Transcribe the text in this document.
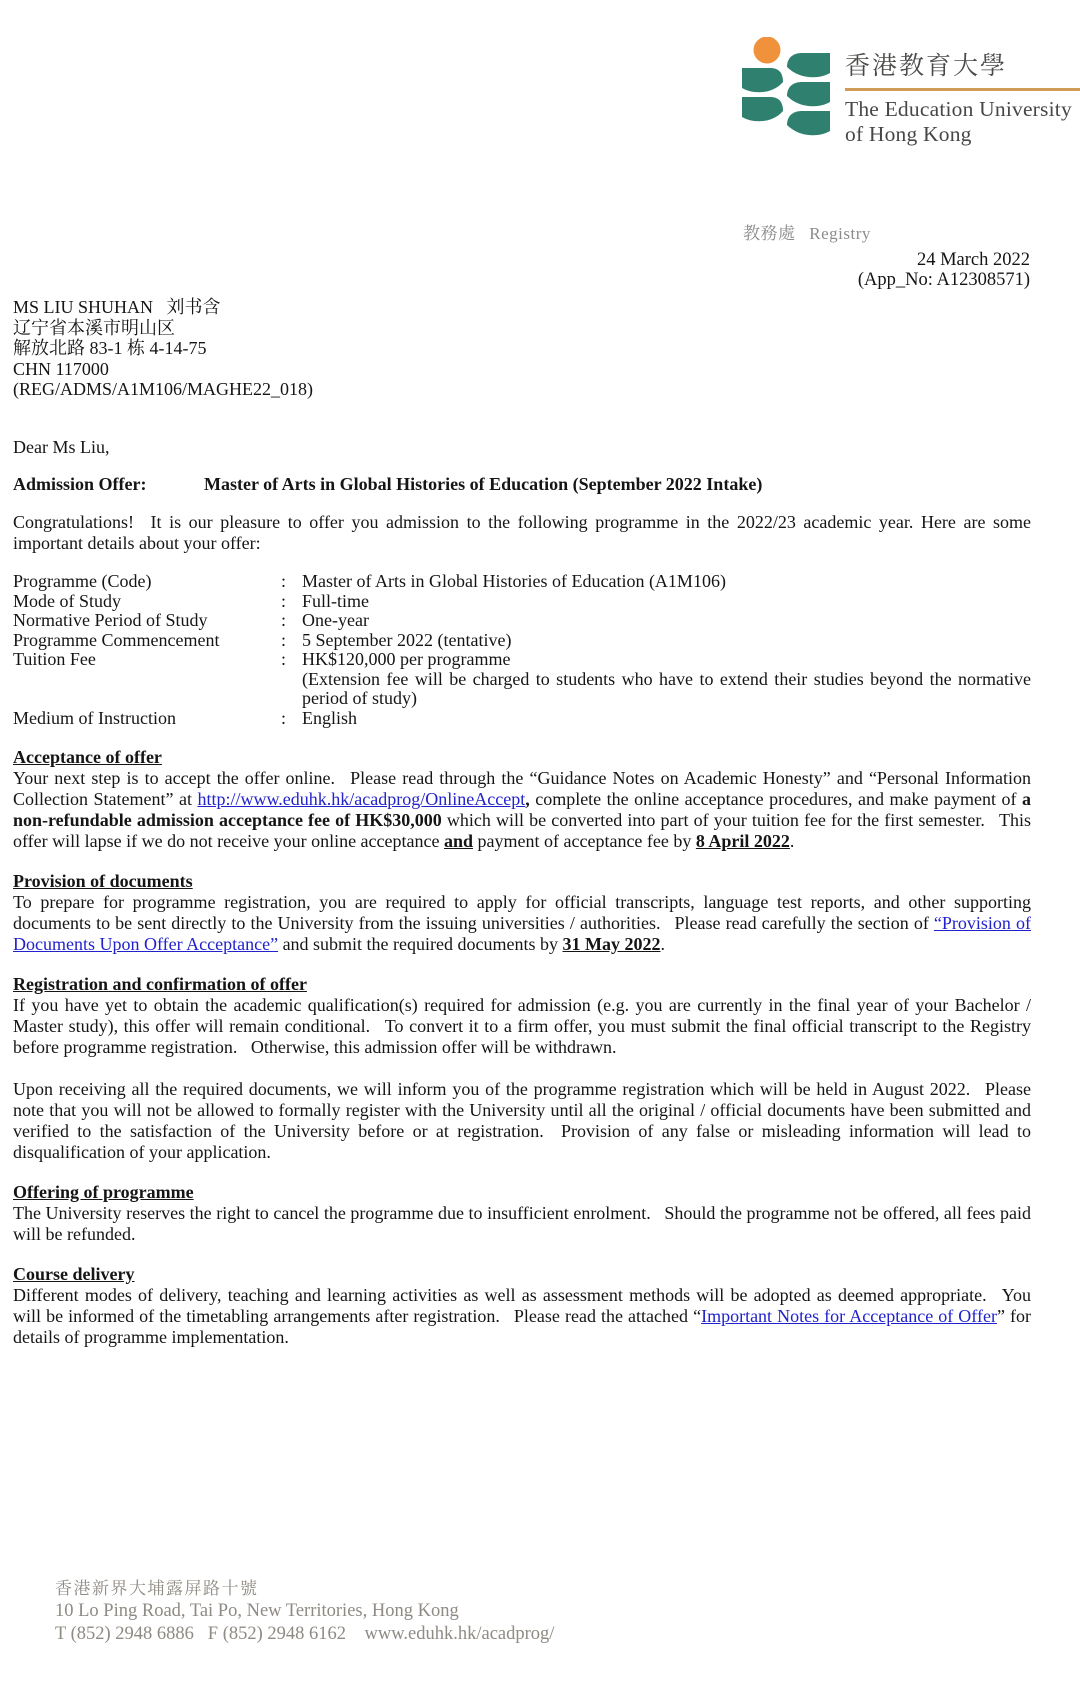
香港教育大學
The Education University
of Hong Kong
教務處  Registry
24 March 2022
(App_No: A12308571)
MS LIU SHUHAN  刘书含
辽宁省本溪市明山区
解放北路 83-1 栋 4-14-75
CHN 117000
(REG/ADMS/A1M106/MAGHE22_018)

Dear Ms Liu,

Admission Offer:	Master of Arts in Global Histories of Education (September 2022 Intake)

Congratulations!  It is our pleasure to offer you admission to the following programme in the 2022/23 academic year. Here are some important details about your offer:

Programme (Code)	: Master of Arts in Global Histories of Education (A1M106)
Mode of Study	: Full-time
Normative Period of Study	: One-year
Programme Commencement	: 5 September 2022 (tentative)
Tuition Fee	: HK$120,000 per programme
(Extension fee will be charged to students who have to extend their studies beyond the normative period of study)
Medium of Instruction	: English
Acceptance of offer

Your next step is to accept the offer online.  Please read through the “Guidance Notes on Academic Honesty” and “Personal Information Collection Statement” at http://www.eduhk.hk/acadprog/OnlineAccept, complete the online acceptance procedures, and make payment of a non-refundable admission acceptance fee of HK$30,000 which will be converted into part of your tuition fee for the first semester.  This offer will lapse if we do not receive your online acceptance and payment of acceptance fee by 8 April 2022.

Provision of documents

To prepare for programme registration, you are required to apply for official transcripts, language test reports, and other supporting documents to be sent directly to the University from the issuing universities / authorities.  Please read carefully the section of “Provision of Documents Upon Offer Acceptance” and submit the required documents by 31 May 2022.

Registration and confirmation of offer

If you have yet to obtain the academic qualification(s) required for admission (e.g. you are currently in the final year of your Bachelor / Master study), this offer will remain conditional.  To convert it to a firm offer, you must submit the final official transcript to the Registry before programme registration.  Otherwise, this admission offer will be withdrawn.

Upon receiving all the required documents, we will inform you of the programme registration which will be held in August 2022.  Please note that you will not be allowed to formally register with the University until all the original / official documents have been submitted and verified to the satisfaction of the University before or at registration.  Provision of any false or misleading information will lead to disqualification of your application.

Offering of programme

The University reserves the right to cancel the programme due to insufficient enrolment.  Should the programme not be offered, all fees paid will be refunded.

Course delivery

Different modes of delivery, teaching and learning activities as well as assessment methods will be adopted as deemed appropriate.  You will be informed of the timetabling arrangements after registration.  Please read the attached “Important Notes for Acceptance of Offer” for details of programme implementation.

香港新界大埔露屏路十號
10 Lo Ping Road, Tai Po, New Territories, Hong Kong
T (852) 2948 6886  F (852) 2948 6162   www.eduhk.hk/acadprog/
